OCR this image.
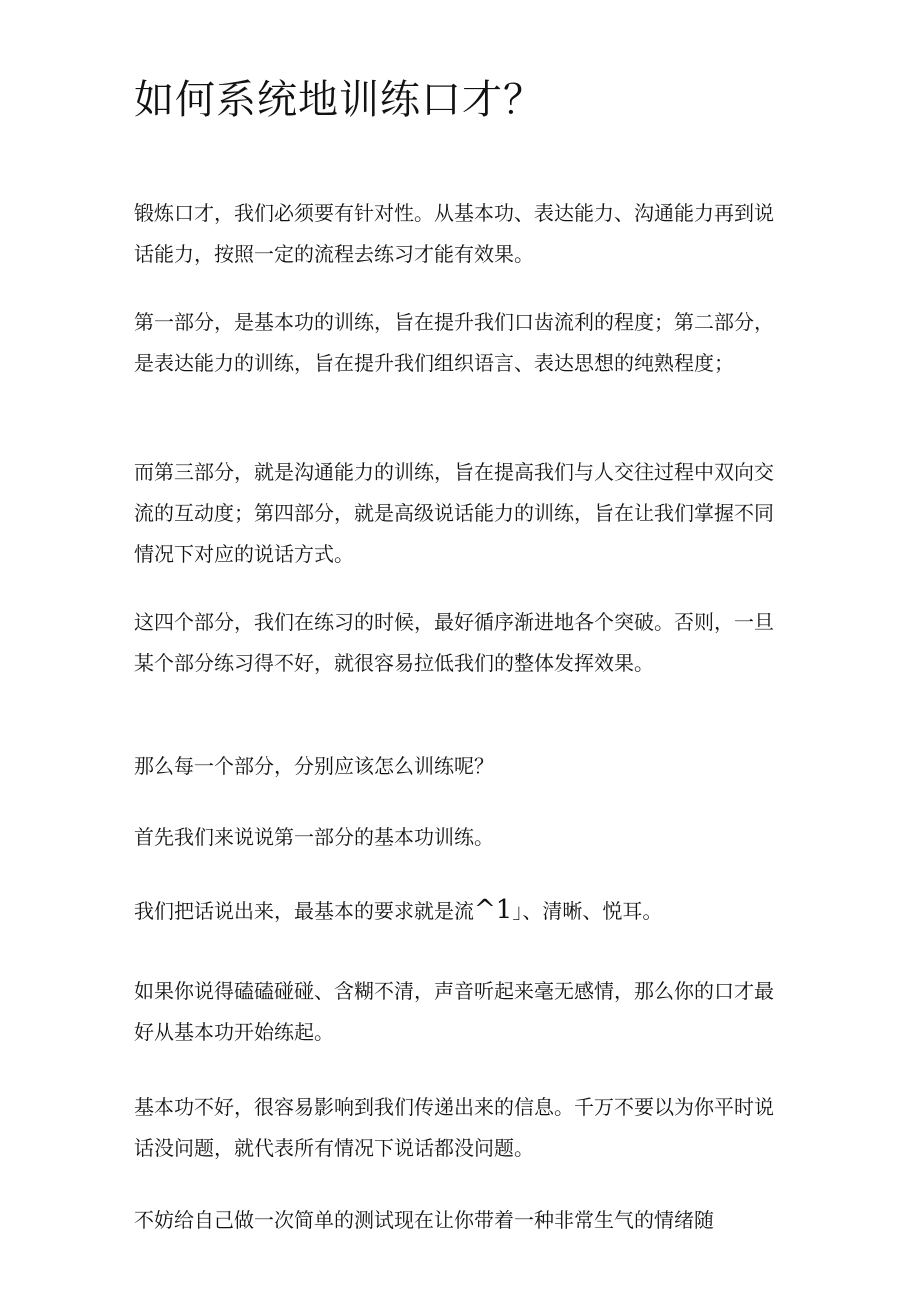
如何系统地训练口才？

锻炼口才，我们必须要有针对性。从基本功、表达能力、沟通能力再到说话能力，按照一定的流程去练习才能有效果。

第一部分，是基本功的训练，旨在提升我们口齿流利的程度；第二部分，是表达能力的训练，旨在提升我们组织语言、表达思想的纯熟程度；

而第三部分，就是沟通能力的训练，旨在提高我们与人交往过程中双向交流的互动度；第四部分，就是高级说话能力的训练，旨在让我们掌握不同情况下对应的说话方式。

这四个部分，我们在练习的时候，最好循序渐进地各个突破。否则，一旦某个部分练习得不好，就很容易拉低我们的整体发挥效果。

那么每一个部分，分别应该怎么训练呢？

首先我们来说说第一部分的基本功训练。

我们把话说出来，最基本的要求就是流^1」、清晰、悦耳。

如果你说得磕磕碰碰、含糊不清，声音听起来毫无感情，那么你的口才最好从基本功开始练起。

基本功不好，很容易影响到我们传递出来的信息。千万不要以为你平时说话没问题，就代表所有情况下说话都没问题。

不妨给自己做一次简单的测试现在让你带着一种非常生气的情绪随
